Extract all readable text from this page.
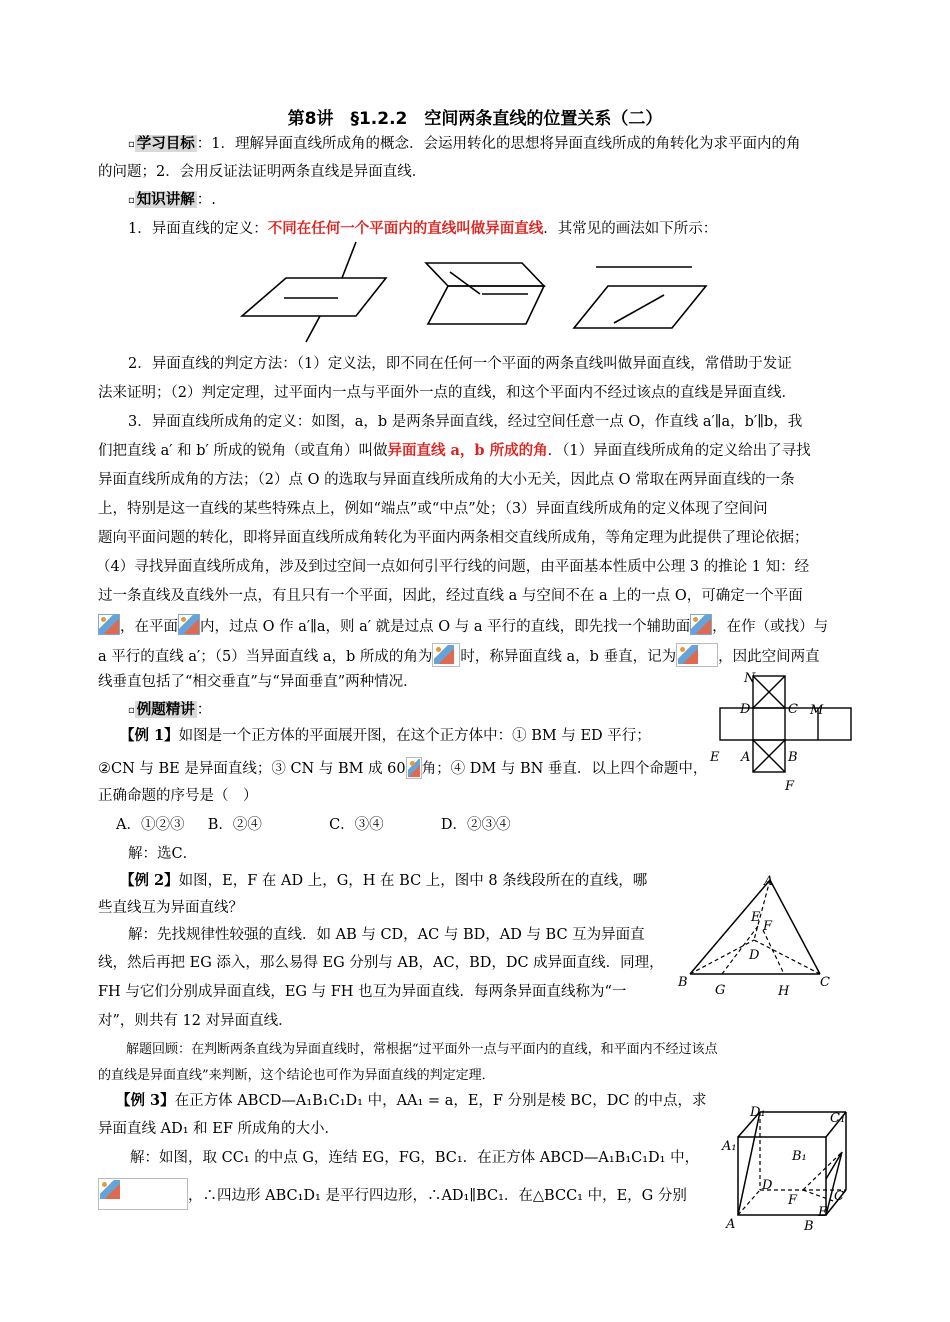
第8讲　§1.2.2　空间两条直线的位置关系（二）
▫ 学习目标 ：1．理解异面直线所成角的概念．会运用转化的思想将异面直线所成的角转化为求平面内的角
的问题；2．会用反证法证明两条直线是异面直线．
▫ 知识讲解 ：.
1．异面直线的定义：不同在任何一个平面内的直线叫做异面直线．其常见的画法如下所示：
2．异面直线的判定方法：（1）定义法，即不同在任何一个平面的两条直线叫做异面直线，常借助于发证
法来证明；（2）判定定理，过平面内一点与平面外一点的直线，和这个平面内不经过该点的直线是异面直线．
3．异面直线所成角的定义：如图，a，b 是两条异面直线，经过空间任意一点 O，作直线 a′∥a，b′∥b，我
们把直线 a′ 和 b′ 所成的锐角（或直角）叫做异面直线 a，b 所成的角．（1）异面直线所成角的定义给出了寻找
异面直线所成角的方法；（2）点 O 的选取与异面直线所成角的大小无关，因此点 O 常取在两异面直线的一条
上，特别是这一直线的某些特殊点上，例如“端点”或“中点”处；（3）异面直线所成角的定义体现了空间问
题向平面问题的转化，即将异面直线所成角转化为平面内两条相交直线所成角，等角定理为此提供了理论依据；
（4）寻找异面直线所成角，涉及到过空间一点如何引平行线的问题，由平面基本性质中公理 3 的推论 1 知：经
过一条直线及直线外一点，有且只有一个平面，因此，经过直线 a 与空间不在 a 上的一点 O，可确定一个平面
，在平面 内，过点 O 作 a′∥a，则 a′ 就是过点 O 与 a 平行的直线，即先找一个辅助面 ，在作（或找）与
a 平行的直线 a′；（5）当异面直线 a，b 所成的角为 时，称异面直线 a，b 垂直，记为	，因此空间两直
线垂直包括了“相交垂直”与“异面垂直”两种情况．
▫ 例题精讲 ：
N
D	C M
E A	B
F
【例 1】如图是一个正方体的平面展开图，在这个正方体中：① BM 与 ED 平行；
②CN 与 BE 是异面直线；③ CN 与 BM 成 60 角；④ DM 与 BN 垂直．以上四个命题中，
正确命题的序号是（　）
A．①②③ B．②④	C．③④	D．②③④
解：选C．
A
E
F
D
B
G	H
C
【例 2】如图，E，F 在 AD 上，G，H 在 BC 上，图中 8 条线段所在的直线，哪
些直线互为异面直线？
解：先找规律性较强的直线．如 AB 与 CD，AC 与 BD，AD 与 BC 互为异面直
线，然后再把 EG 添入，那么易得 EG 分别与 AB，AC，BD，DC 成异面直线．同理，
FH 与它们分别成异面直线，EG 与 FH 也互为异面直线．每两条异面直线称为“一
对”，则共有 12 对异面直线．
解题回顾：在判断两条直线为异面直线时，常根据“过平面外一点与平面内的直线，和平面内不经过该点
的直线是异面直线”来判断，这个结论也可作为异面直线的判定定理．
D₁	C₁
A₁
B₁
D
F	C
E
A	B
【例 3】在正方体 ABCD—A₁B₁C₁D₁ 中，AA₁ = a，E，F 分别是棱 BC，DC 的中点，求
异面直线 AD₁ 和 EF 所成角的大小．
解：如图，取 CC₁ 的中点 G，连结 EG，FG，BC₁．在正方体 ABCD—A₁B₁C₁D₁ 中，
，∴四边形 ABC₁D₁ 是平行四边形，∴AD₁∥BC₁．在△BCC₁ 中，E，G 分别
